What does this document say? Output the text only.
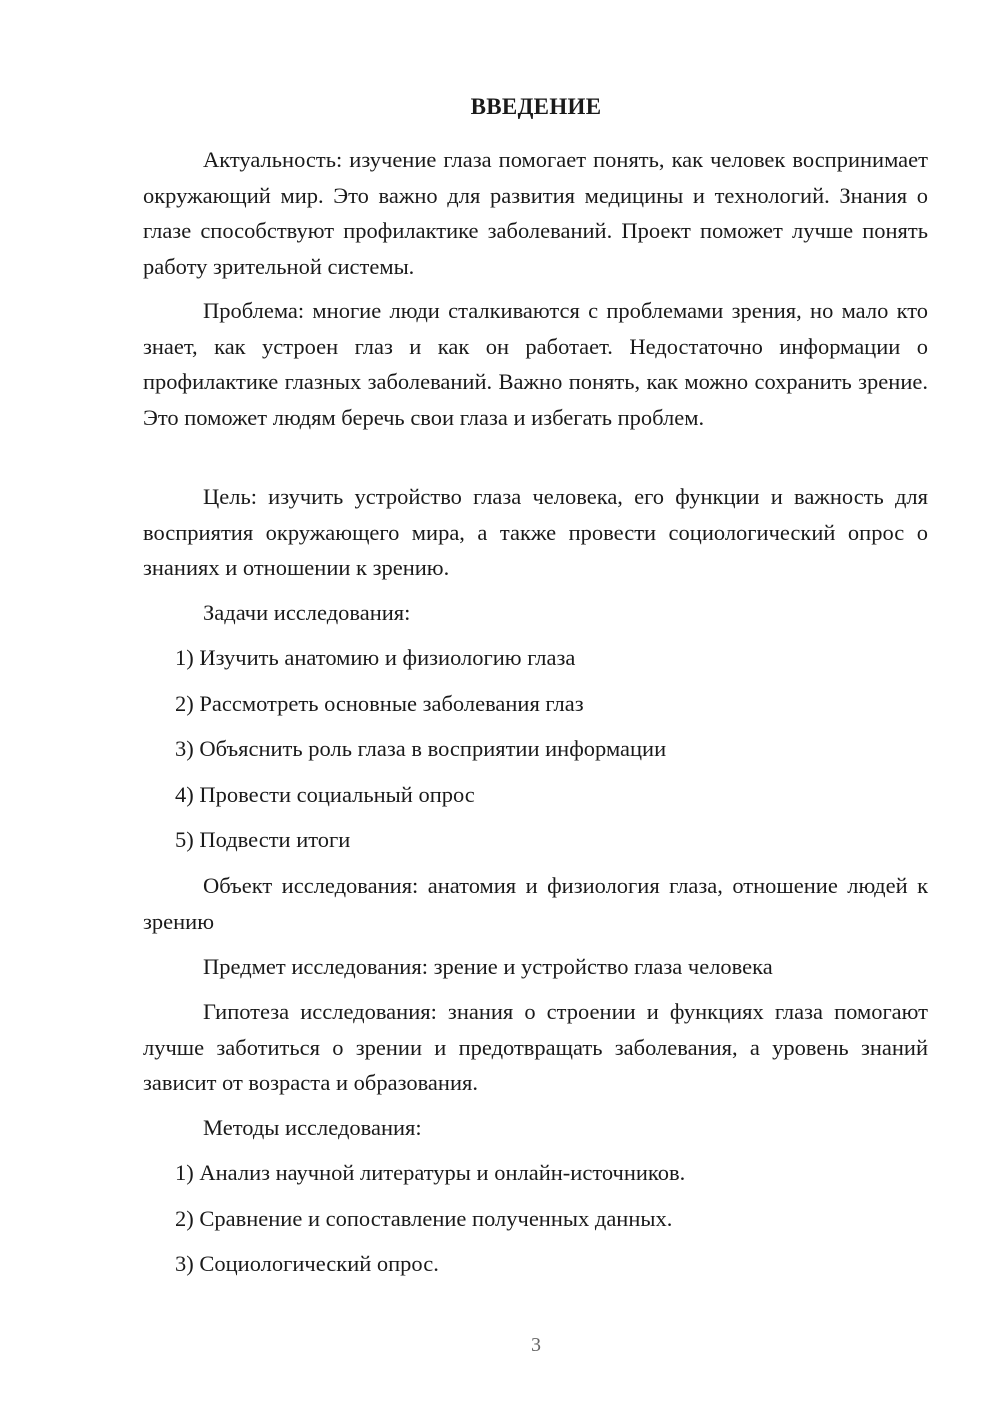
ВВЕДЕНИЕ

Актуальность: изучение глаза помогает понять, как человек воспринимает окружающий мир. Это важно для развития медицины и технологий. Знания о глазе способствуют профилактике заболеваний. Проект поможет лучше понять работу зрительной системы.

Проблема: многие люди сталкиваются с проблемами зрения, но мало кто знает, как устроен глаз и как он работает. Недостаточно информации о профилактике глазных заболеваний. Важно понять, как можно сохранить зрение. Это поможет людям беречь свои глаза и избегать проблем.

Цель: изучить устройство глаза человека, его функции и важность для восприятия окружающего мира, а также провести социологический опрос о знаниях и отношении к зрению.

Задачи исследования:
1) Изучить анатомию и физиологию глаза
2) Рассмотреть основные заболевания глаз
3) Объяснить роль глаза в восприятии информации
4) Провести социальный опрос
5) Подвести итоги

Объект исследования: анатомия и физиология глаза, отношение людей к зрению

Предмет исследования: зрение и устройство глаза человека

Гипотеза исследования: знания о строении и функциях глаза помогают лучше заботиться о зрении и предотвращать заболевания, а уровень знаний зависит от возраста и образования.

Методы исследования:
1) Анализ научной литературы и онлайн-источников.
2) Сравнение и сопоставление полученных данных.
3) Социологический опрос.
3
